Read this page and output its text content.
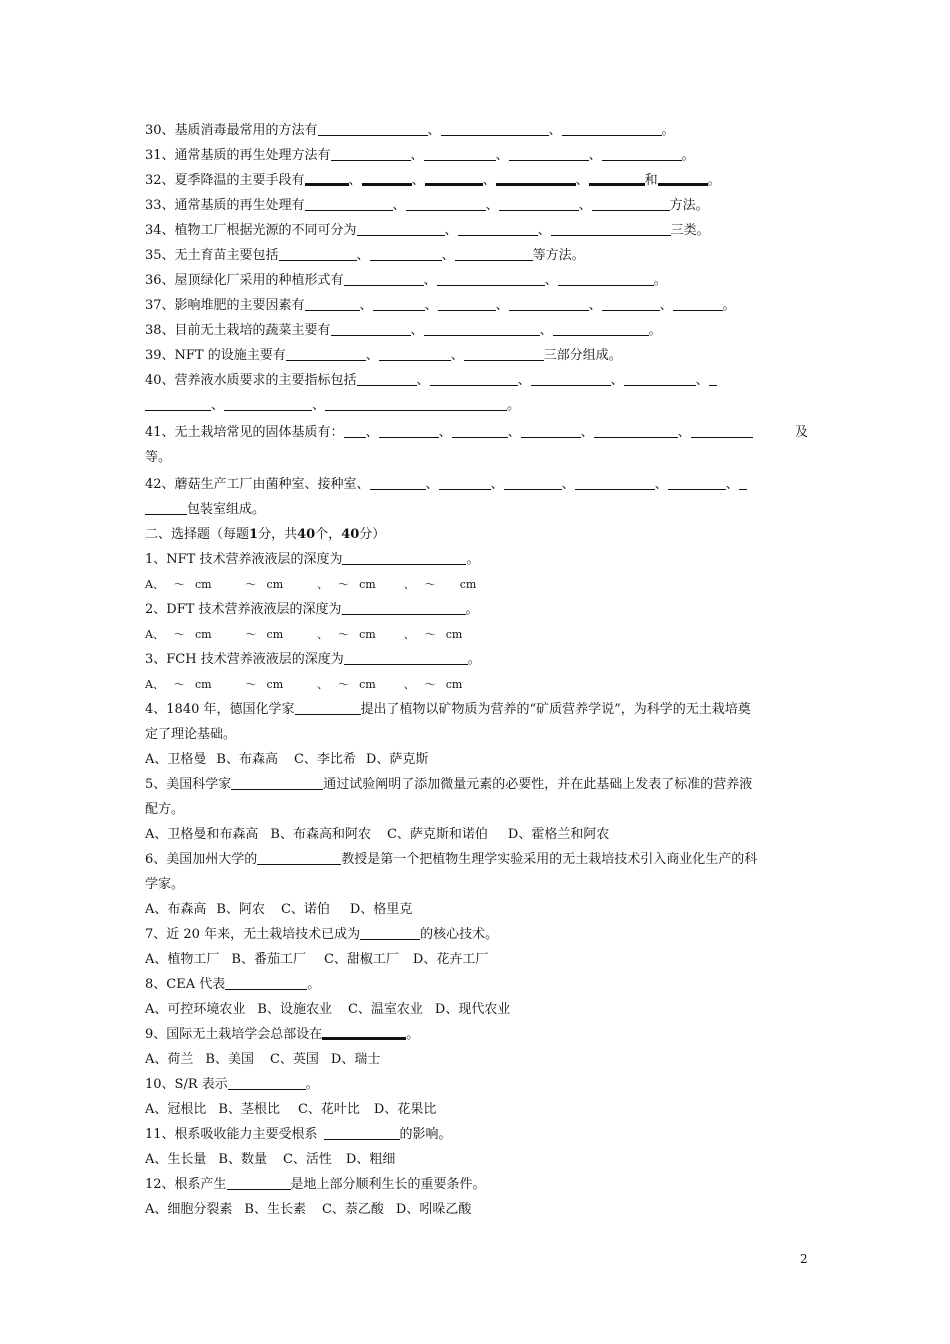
30、基质消毒最常用的方法有	、	、	。
31、通常基质的再生处理方法有	、	、	、	。
32、夏季降温的主要手段有	、	、	、	、	和	。
33、通常基质的再生处理有	、	、	、	方法。
34、植物工厂根据光源的不同可分为	、	、	三类。
35、无土育苗主要包括	、	、	等方法。
36、屋顶绿化厂采用的种植形式有	、	、	。
37、影响堆肥的主要因素有	、	、	、	、	、	。
38、目前无土栽培的蔬菜主要有	、	、	。
39、NFT 的设施主要有	、	、	三部分组成。
40、营养液水质要求的主要指标包括	、	、	、	、
、	、	。
41、无土栽培常见的固体基质有： 、	、	、	、	、	及
等。
42、蘑菇生产工厂由菌种室、接种室、	、	、	、	、	、
包装室组成。
二、选择题（每题1分，共40个，40分）
1、NFT 技术营养液液层的深度为	。
A、 ～ cm	～ cm	、 ～ cm	、 ～ cm
2、DFT 技术营养液液层的深度为	。
A、 ～ cm	～ cm	、 ～ cm	、 ～ cm
3、FCH 技术营养液液层的深度为	。
A、 ～ cm	～ cm	、 ～ cm	、 ～ cm
4、1840 年，德国化学家	提出了植物以矿物质为营养的“矿质营养学说”，为科学的无土栽培奠
定了理论基础。
A、卫格曼 B、布森高 C、李比希 D、萨克斯
5、美国科学家	通过试验阐明了添加微量元素的必要性，并在此基础上发表了标准的营养液
配方。
A、卫格曼和布森高 B、布森高和阿农 C、萨克斯和诺伯 D、霍格兰和阿农
6、美国加州大学的	教授是第一个把植物生理学实验采用的无土栽培技术引入商业化生产的科
学家。
A、布森高 B、阿农 C、诺伯 D、格里克
7、近 20 年来，无土栽培技术已成为	的核心技术。
A、植物工厂 B、番茄工厂 C、甜椒工厂 D、花卉工厂
8、CEA 代表	。
A、可控环境农业 B、设施农业 C、温室农业 D、现代农业
9、国际无土栽培学会总部设在	。
A、荷兰 B、美国 C、英国 D、瑞士
10、S/R 表示	。
A、冠根比 B、茎根比 C、花叶比 D、花果比
11、根系吸收能力主要受根系	的影响。
A、生长量 B、数量 C、活性 D、粗细
12、根系产生	是地上部分顺利生长的重要条件。
A、细胞分裂素 B、生长素 C、萘乙酸 D、吲哚乙酸
2
